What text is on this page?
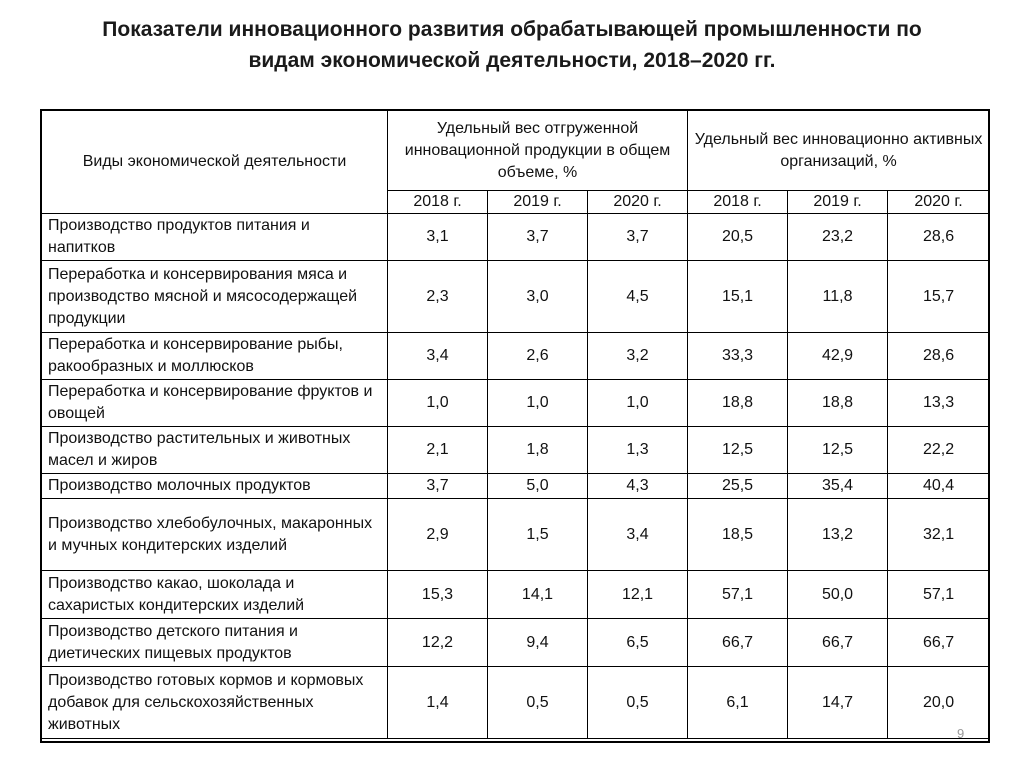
Показатели инновационного развития обрабатывающей промышленности по
видам экономической деятельности, 2018–2020 гг.
Виды экономической деятельности	Удельный вес отгруженной инновационной продукции в общем объеме, %			Удельный вес инновационно активных организаций, %		
	2018 г.	2019 г.	2020 г.	2018 г.	2019 г.	2020 г.
Производство продуктов питания и напитков	3,1	3,7	3,7	20,5	23,2	28,6
Переработка и консервирования мяса и производство мясной и мясосодержащей продукции	2,3	3,0	4,5	15,1	11,8	15,7
Переработка и консервирование рыбы, ракообразных и моллюсков	3,4	2,6	3,2	33,3	42,9	28,6
Переработка и консервирование фруктов и овощей	1,0	1,0	1,0	18,8	18,8	13,3
Производство растительных и животных масел и жиров	2,1	1,8	1,3	12,5	12,5	22,2
Производство молочных продуктов	3,7	5,0	4,3	25,5	35,4	40,4
Производство хлебобулочных, макаронных и мучных кондитерских изделий	2,9	1,5	3,4	18,5	13,2	32,1
Производство какао, шоколада и сахаристых кондитерских изделий	15,3	14,1	12,1	57,1	50,0	57,1
Производство детского питания и диетических пищевых продуктов	12,2	9,4	6,5	66,7	66,7	66,7
Производство готовых кормов и кормовых добавок для сельскохозяйственных животных	1,4	0,5	0,5	6,1	14,7	20,0
9
